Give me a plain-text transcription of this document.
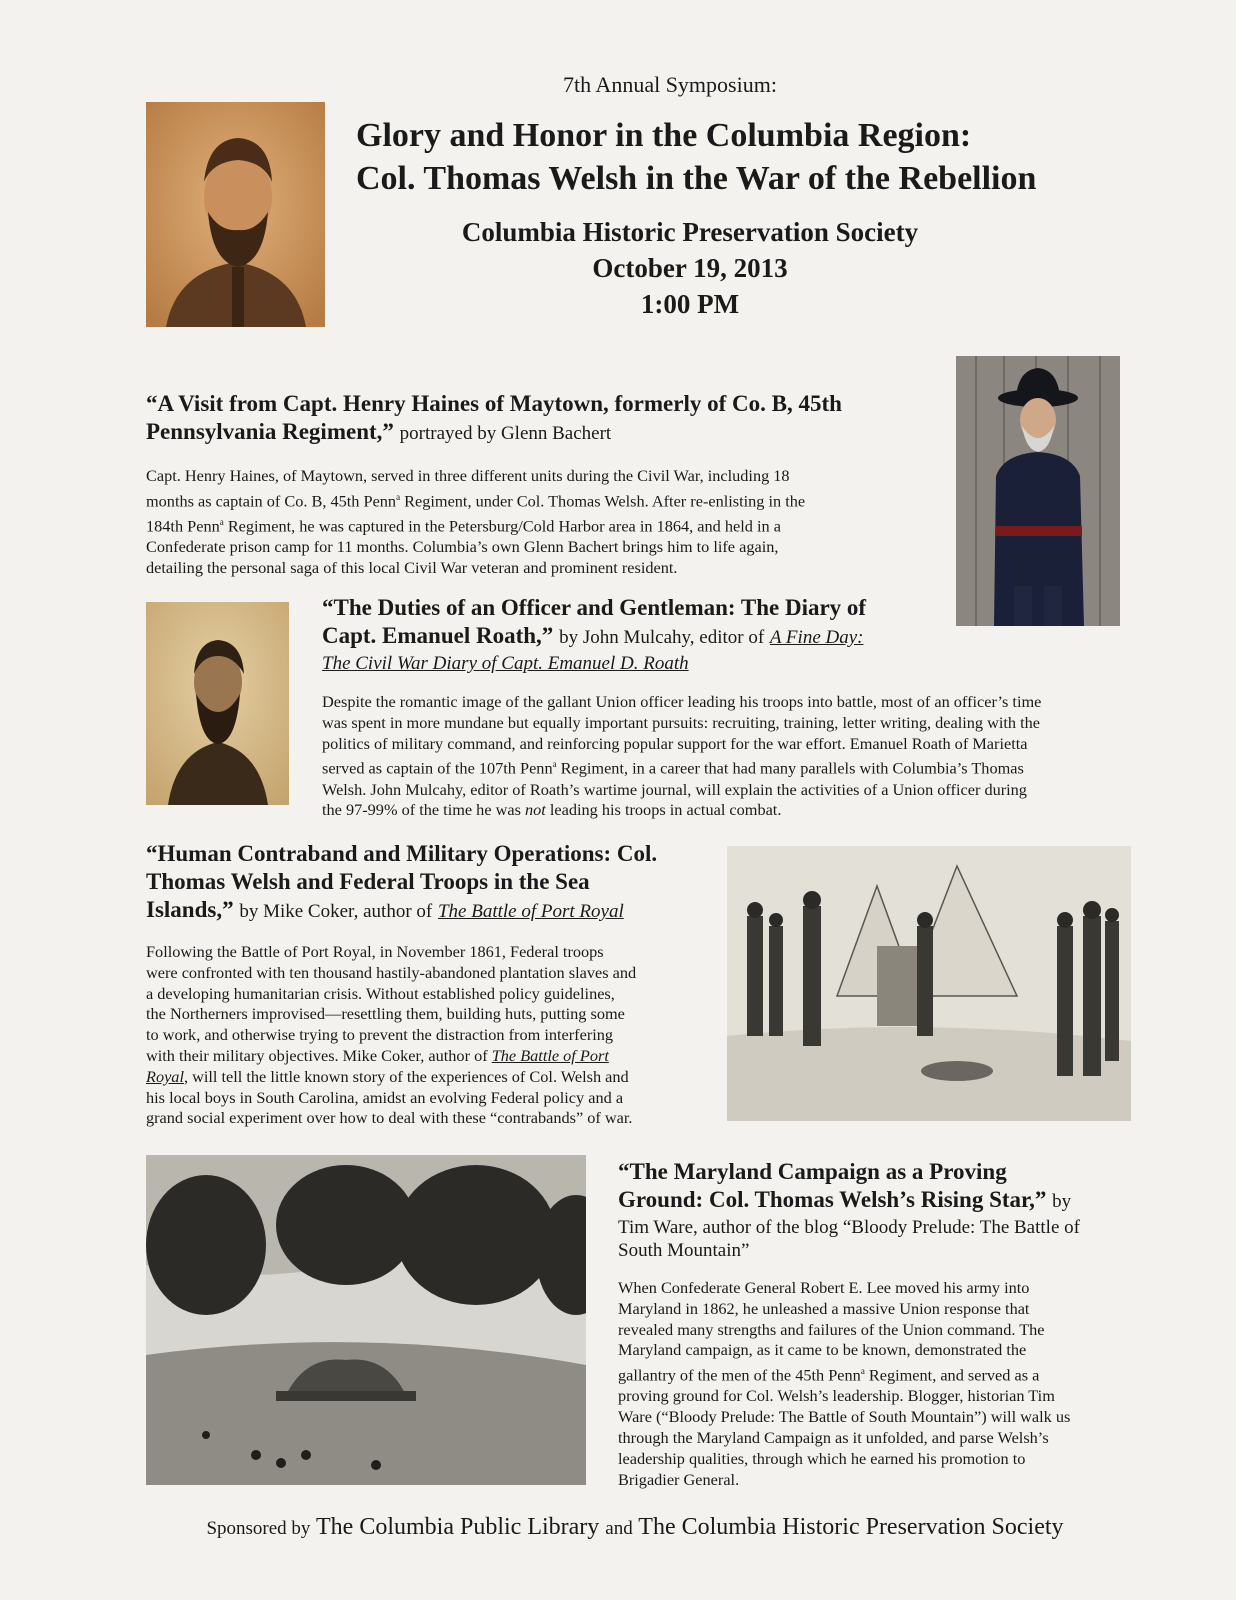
7th Annual Symposium:
Glory and Honor in the Columbia Region:
Col. Thomas Welsh in the War of the Rebellion
Columbia Historic Preservation Society
October 19, 2013
1:00 PM
“A Visit from Capt. Henry Haines of Maytown, formerly of Co. B, 45th Pennsylvania Regiment,” portrayed by Glenn Bachert
Capt. Henry Haines, of Maytown, served in three different units during the Civil War, including 18
months as captain of Co. B, 45th Penn$^a$ Regiment, under Col. Thomas Welsh. After re-enlisting in the
184th Penn$^a$ Regiment, he was captured in the Petersburg/Cold Harbor area in 1864, and held in a
Confederate prison camp for 11 months. Columbia’s own Glenn Bachert brings him to life again,
detailing the personal saga of this local Civil War veteran and prominent resident.
“The Duties of an Officer and Gentleman: The Diary of
Capt. Emanuel Roath,” by John Mulcahy, editor of A Fine Day:
The Civil War Diary of Capt. Emanuel D. Roath
Despite the romantic image of the gallant Union officer leading his troops into battle, most of an officer’s time
was spent in more mundane but equally important pursuits: recruiting, training, letter writing, dealing with the
politics of military command, and reinforcing popular support for the war effort. Emanuel Roath of Marietta
served as captain of the 107th Penn$^a$ Regiment, in a career that had many parallels with Columbia’s Thomas
Welsh. John Mulcahy, editor of Roath’s wartime journal, will explain the activities of a Union officer during
the 97-99% of the time he was not leading his troops in actual combat.
“Human Contraband and Military Operations: Col.
Thomas Welsh and Federal Troops in the Sea
Islands,” by Mike Coker, author of The Battle of Port Royal
Following the Battle of Port Royal, in November 1861, Federal troops
were confronted with ten thousand hastily-abandoned plantation slaves and
a developing humanitarian crisis. Without established policy guidelines,
the Northerners improvised—resettling them, building huts, putting some
to work, and otherwise trying to prevent the distraction from interfering
with their military objectives. Mike Coker, author of The Battle of Port
Royal, will tell the little known story of the experiences of Col. Welsh and
his local boys in South Carolina, amidst an evolving Federal policy and a
grand social experiment over how to deal with these “contrabands” of war.
“The Maryland Campaign as a Proving
Ground: Col. Thomas Welsh’s Rising Star,” by
Tim Ware, author of the blog “Bloody Prelude: The Battle of
South Mountain”
When Confederate General Robert E. Lee moved his army into
Maryland in 1862, he unleashed a massive Union response that
revealed many strengths and failures of the Union command. The
Maryland campaign, as it came to be known, demonstrated the
gallantry of the men of the 45th Penn$^a$ Regiment, and served as a
proving ground for Col. Welsh’s leadership. Blogger, historian Tim
Ware (“Bloody Prelude: The Battle of South Mountain”) will walk us
through the Maryland Campaign as it unfolded, and parse Welsh’s
leadership qualities, through which he earned his promotion to
Brigadier General.
Sponsored by The Columbia Public Library and The Columbia Historic Preservation Society
